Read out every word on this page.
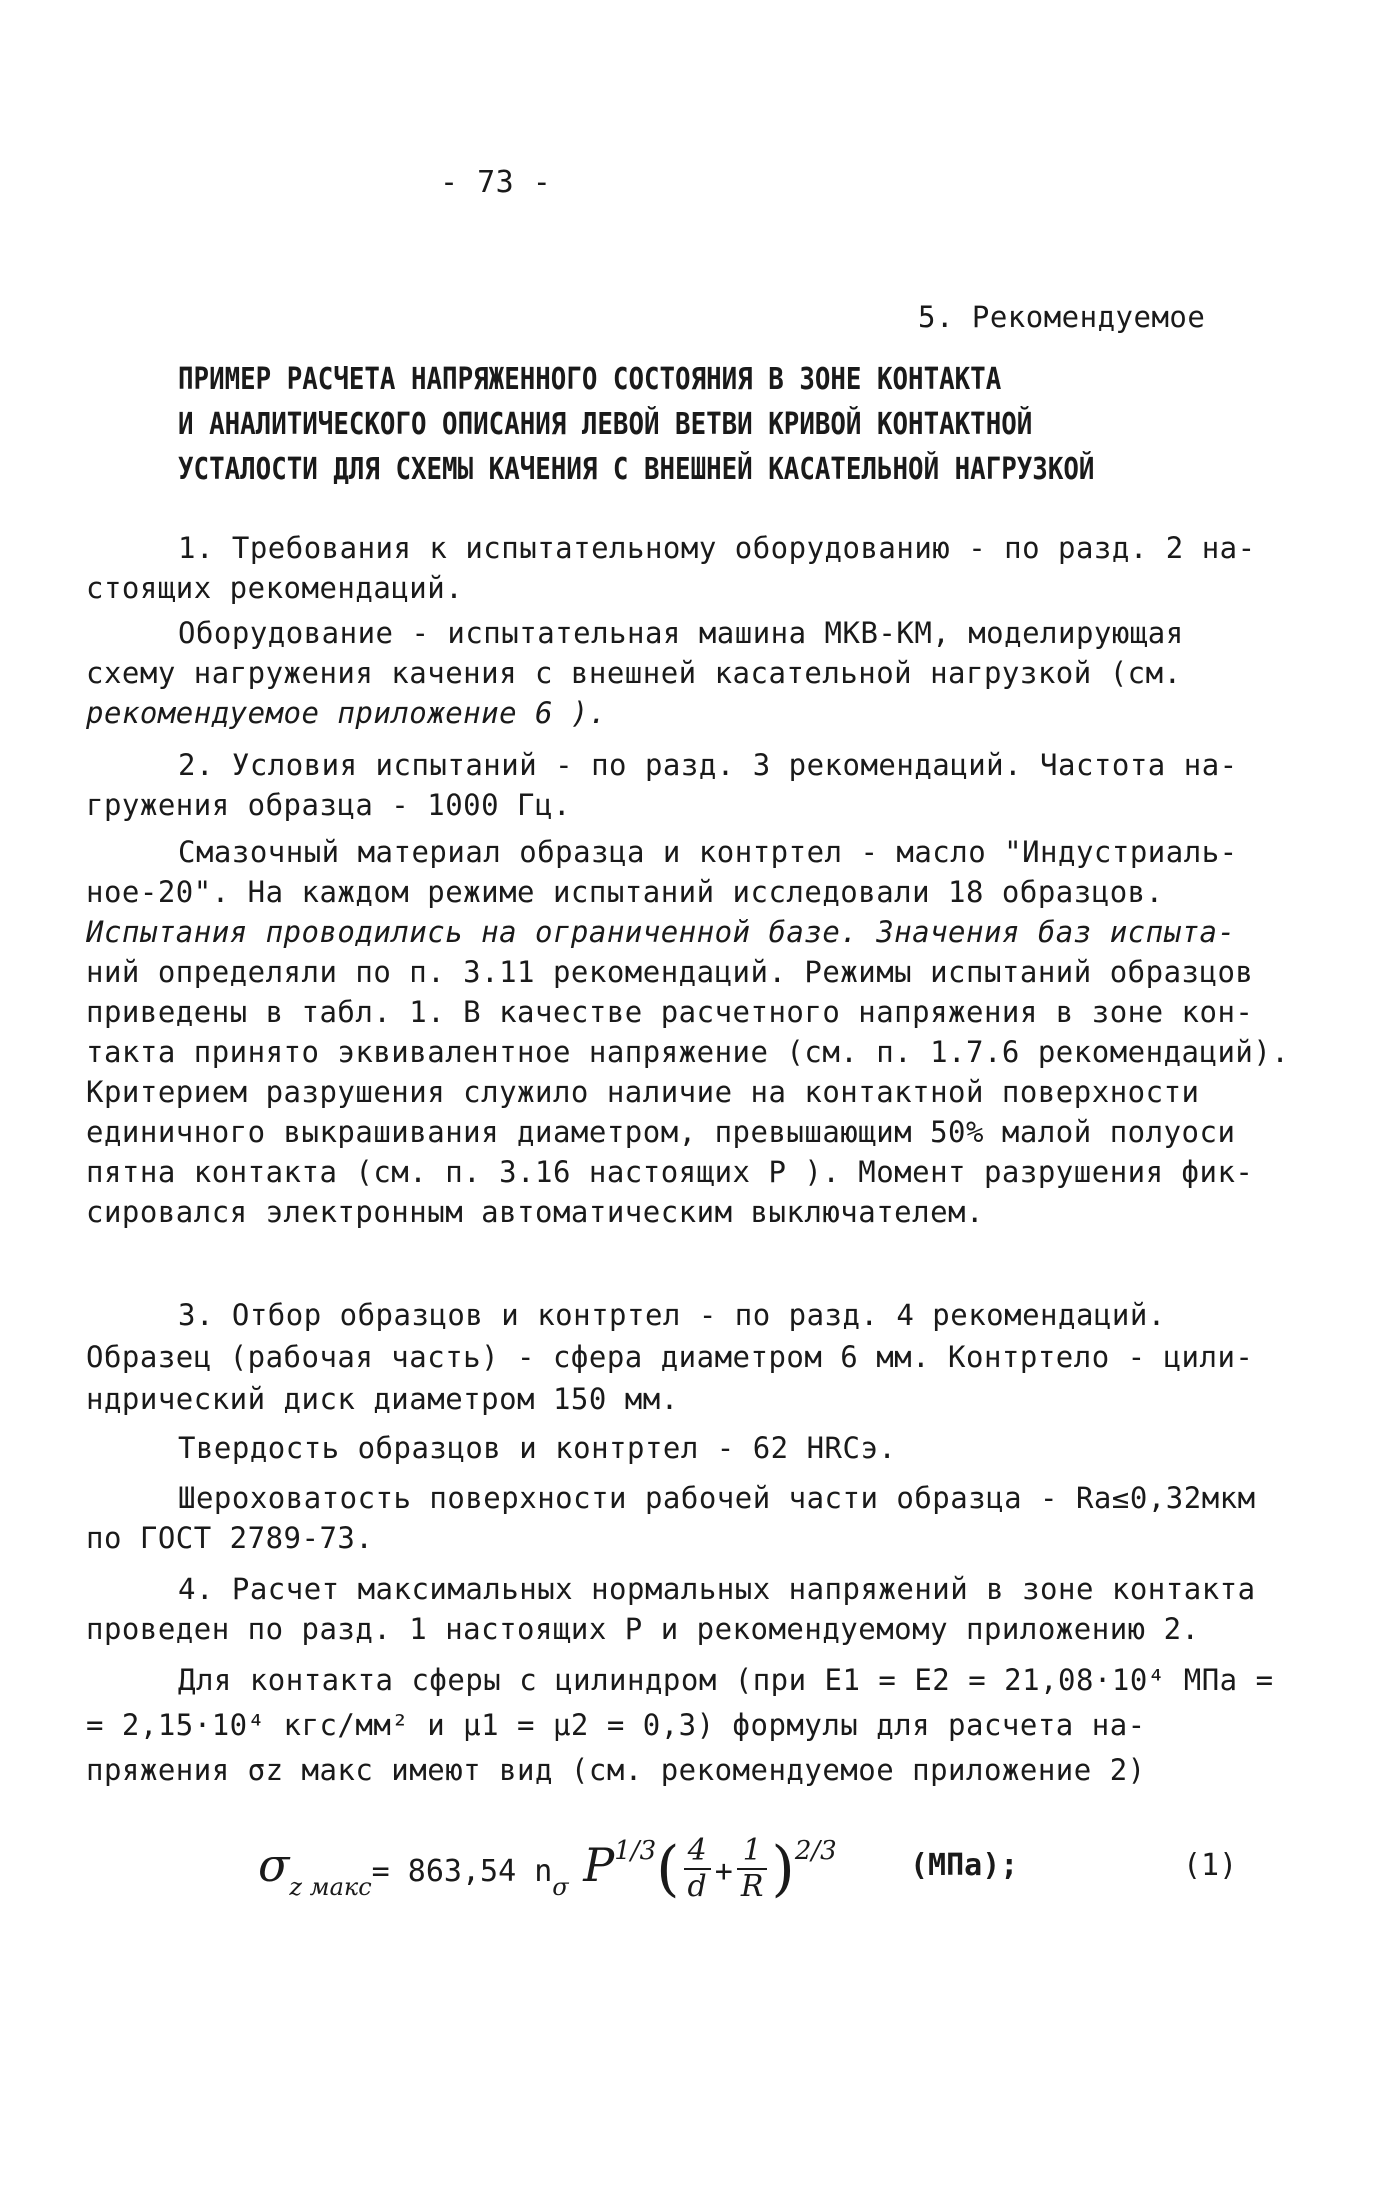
- 73 -
5. Рекомендуемое
ПРИМЕР РАСЧЕТА НАПРЯЖЕННОГО СОСТОЯНИЯ В ЗОНЕ КОНТАКТА
И АНАЛИТИЧЕСКОГО ОПИСАНИЯ ЛЕВОЙ ВЕТВИ КРИВОЙ КОНТАКТНОЙ
УСТАЛОСТИ ДЛЯ СХЕМЫ КАЧЕНИЯ С ВНЕШНЕЙ КАСАТЕЛЬНОЙ НАГРУЗКОЙ
1. Требования к испытательному оборудованию - по разд. 2 на-
стоящих рекомендаций.
Оборудование - испытательная машина МКВ-КМ, моделирующая
схему нагружения качения с внешней касательной нагрузкой (см.
рекомендуемое приложение 6 ).
2. Условия испытаний - по разд. 3 рекомендаций. Частота на-
гружения образца - 1000 Гц.
Смазочный материал образца и контртел - масло "Индустриаль-
ное-20". На каждом режиме испытаний исследовали 18 образцов.
Испытания проводились на ограниченной базе. Значения баз испыта-
ний определяли по п. 3.11 рекомендаций. Режимы испытаний образцов
приведены в табл. 1. В качестве расчетного напряжения в зоне кон-
такта принято эквивалентное напряжение (см. п. 1.7.6 рекомендаций).
Критерием разрушения служило наличие на контактной поверхности
единичного выкрашивания диаметром, превышающим 50% малой полуоси
пятна контакта (см. п. 3.16 настоящих Р ). Момент разрушения фик-
сировался электронным автоматическим выключателем.
3. Отбор образцов и контртел - по разд. 4 рекомендаций.
Образец (рабочая часть) - сфера диаметром 6 мм. Контртело - цили-
ндрический диск диаметром 150 мм.
Твердость образцов и контртел - 62 HRCэ.
Шероховатость поверхности рабочей части образца - Ra≤0,32мкм
по ГОСТ 2789-73.
4. Расчет максимальных нормальных напряжений в зоне контакта
проведен по разд. 1 настоящих Р и рекомендуемому приложению 2.
Для контакта сферы с цилиндром (при E1 = E2 = 21,08·10⁴ МПа =
= 2,15·10⁴ кгс/мм² и μ1 = μ2 = 0,3) формулы для расчета на-
пряжения σz макс имеют вид (см. рекомендуемое приложение 2)
$\sigma_{z макс}= 863,54$ $n_\sigma$ $P^{1/3}( \frac{4}{d} + \frac{1}{R} )^{2/3}$ (МПа);	(1)
